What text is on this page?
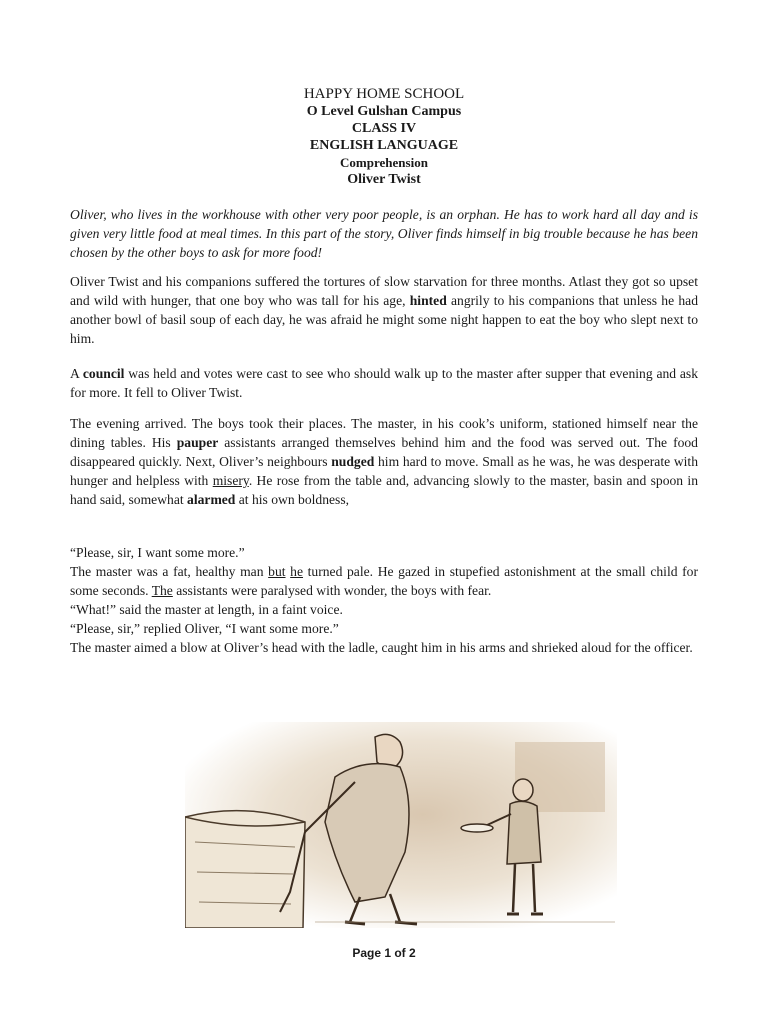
HAPPY HOME SCHOOL
O Level Gulshan Campus
CLASS IV
ENGLISH LANGUAGE
Comprehension
Oliver Twist
Oliver, who lives in the workhouse with other very poor people, is an orphan. He has to work hard all day and is given very little food at meal times. In this part of the story, Oliver finds himself in big trouble because he has been chosen by the other boys to ask for more food!
Oliver Twist and his companions suffered the tortures of slow starvation for three months. Atlast they got so upset and wild with hunger, that one boy who was tall for his age, hinted angrily to his companions that unless he had another bowl of basil soup of each day, he was afraid he might some night happen to eat the boy who slept next to him.
A council was held and votes were cast to see who should walk up to the master after supper that evening and ask for more. It fell to Oliver Twist.
The evening arrived. The boys took their places. The master, in his cook’s uniform, stationed himself near the dining tables. His pauper assistants arranged themselves behind him and the food was served out. The food disappeared quickly. Next, Oliver’s neighbours nudged him hard to move. Small as he was, he was desperate with hunger and helpless with misery. He rose from the table and, advancing slowly to the master, basin and spoon in hand said, somewhat alarmed at his own boldness,
“Please, sir, I want some more.”
The master was a fat, healthy man but he turned pale. He gazed in stupefied astonishment at the small child for some seconds. The assistants were paralysed with wonder, the boys with fear.
“What!” said the master at length, in a faint voice.
“Please, sir,” replied Oliver, “I want some more.”
The master aimed a blow at Oliver’s head with the ladle, caught him in his arms and shrieked aloud for the officer.
Page 1 of 2
